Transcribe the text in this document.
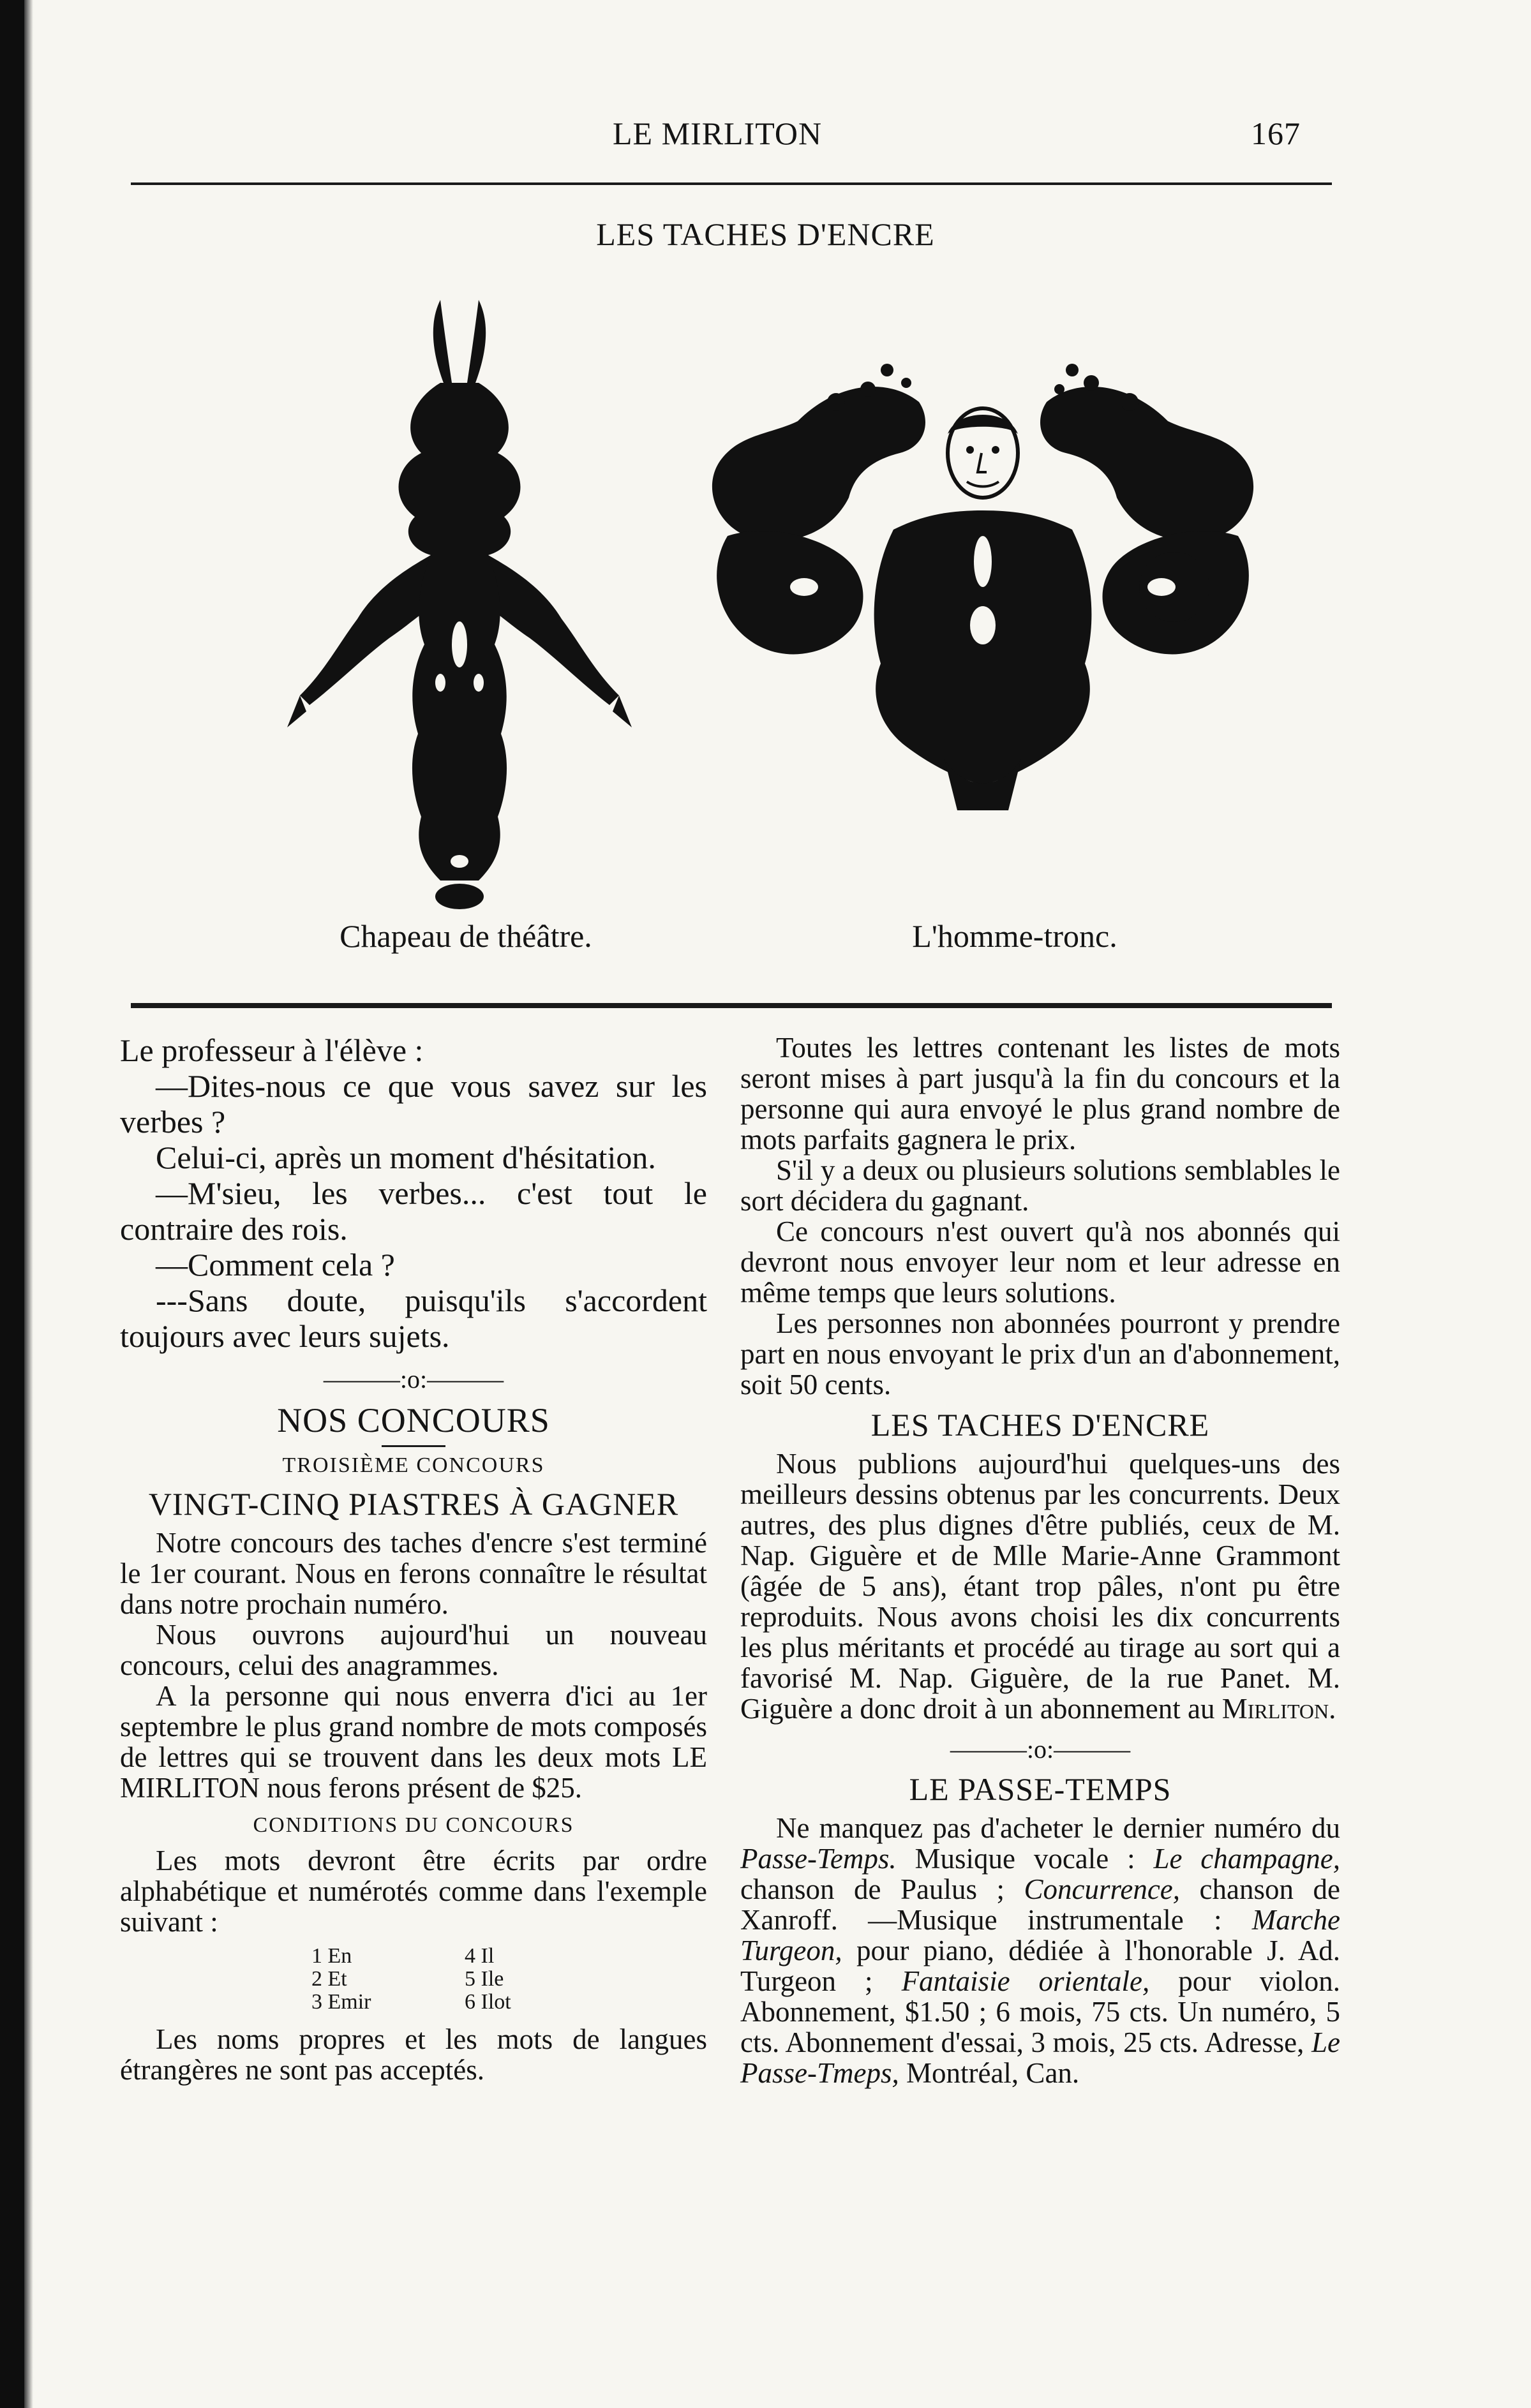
LE MIRLITON	167
LES TACHES D'ENCRE
Chapeau de théâtre.	L'homme-tronc.

Le professeur à l'élève :

—Dites-nous ce que vous savez sur les verbes ?

Celui-ci, après un moment d'hésitation.

—M'sieu, les verbes... c'est tout le contraire des rois.

—Comment cela ?

---Sans doute, puisqu'ils s'accordent toujours avec leurs sujets.

———:o:———
NOS CONCOURS
TROISIÈME CONCOURS
VINGT-CINQ PIASTRES À GAGNER

Notre concours des taches d'encre s'est terminé le 1er courant. Nous en ferons connaître le résultat dans notre prochain numéro.

Nous ouvrons aujourd'hui un nouveau concours, celui des anagrammes.

A la personne qui nous enverra d'ici au 1er septembre le plus grand nombre de mots composés de lettres qui se trouvent dans les deux mots LE MIRLITON nous ferons présent de $25.

CONDITIONS DU CONCOURS

Les mots devront être écrits par ordre alphabétique et numérotés comme dans l'exemple suivant :

1 En	4 Il
2 Et	5 Ile
3 Emir	6 Ilot

Les noms propres et les mots de langues étrangères ne sont pas acceptés.

Toutes les lettres contenant les listes de mots seront mises à part jusqu'à la fin du concours et la personne qui aura envoyé le plus grand nombre de mots parfaits gagnera le prix.

S'il y a deux ou plusieurs solutions semblables le sort décidera du gagnant.

Ce concours n'est ouvert qu'à nos abonnés qui devront nous envoyer leur nom et leur adresse en même temps que leurs solutions.

Les personnes non abonnées pourront y prendre part en nous envoyant le prix d'un an d'abonnement, soit 50 cents.

LES TACHES D'ENCRE

Nous publions aujourd'hui quelques-uns des meilleurs dessins obtenus par les concurrents. Deux autres, des plus dignes d'être publiés, ceux de M. Nap. Giguère et de Mlle Marie-Anne Grammont (âgée de 5 ans), étant trop pâles, n'ont pu être reproduits. Nous avons choisi les dix concurrents les plus méritants et procédé au tirage au sort qui a favorisé M. Nap. Giguère, de la rue Panet. M. Giguère a donc droit à un abonnement au Mirliton.

———:o:———
LE PASSE-TEMPS

Ne manquez pas d'acheter le dernier numéro du Passe-Temps. Musique vocale : Le champagne, chanson de Paulus ; Concurrence, chanson de Xanroff. —Musique instrumentale : Marche Turgeon, pour piano, dédiée à l'honorable J. Ad. Turgeon ; Fantaisie orientale, pour violon. Abonnement, $1.50 ; 6 mois, 75 cts. Un numéro, 5 cts. Abonnement d'essai, 3 mois, 25 cts. Adresse, Le Passe-Tmeps, Montréal, Can.
